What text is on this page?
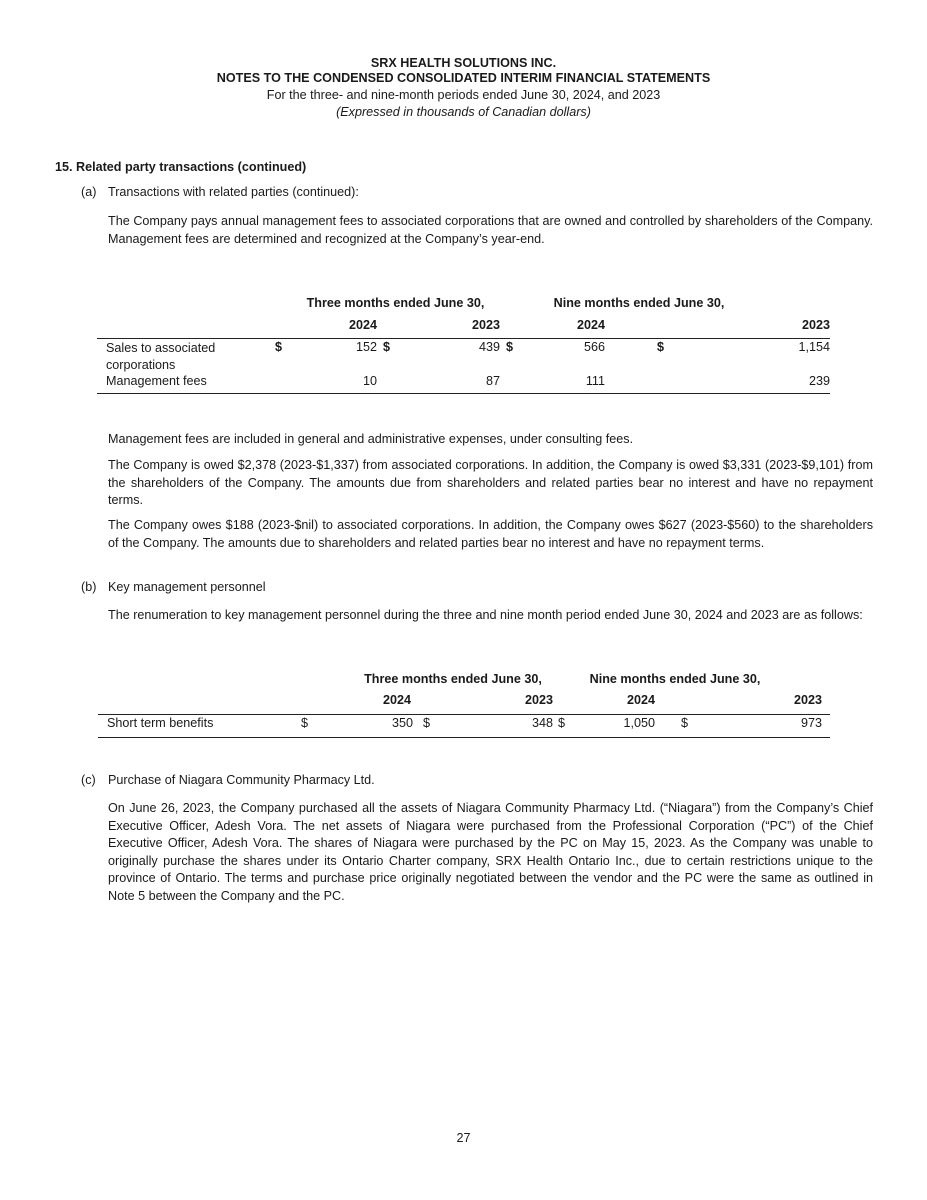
SRX HEALTH SOLUTIONS INC.
NOTES TO THE CONDENSED CONSOLIDATED INTERIM FINANCIAL STATEMENTS
For the three- and nine-month periods ended June 30, 2024, and 2023
(Expressed in thousands of Canadian dollars)
15. Related party transactions (continued)
(a) Transactions with related parties (continued):
The Company pays annual management fees to associated corporations that are owned and controlled by shareholders of the Company. Management fees are determined and recognized at the Company’s year-end.
	Three months ended June 30,					Nine months ended June 30,		
		2024		2023		2024		2023
Sales to associated corporations	$	152	$	439	$	566	$	1,154
Management fees		10		87		111		239
Management fees are included in general and administrative expenses, under consulting fees.
The Company is owed $2,378 (2023-$1,337) from associated corporations. In addition, the Company is owed $3,331 (2023-$9,101) from the shareholders of the Company. The amounts due from shareholders and related parties bear no interest and have no repayment terms.
The Company owes $188 (2023-$nil) to associated corporations. In addition, the Company owes $627 (2023-$560) to the shareholders of the Company. The amounts due to shareholders and related parties bear no interest and have no repayment terms.
(b) Key management personnel
The renumeration to key management personnel during the three and nine month period ended June 30, 2024 and 2023 are as follows:
	Three months ended June 30,					Nine months ended June 30,		
		2024		2023		2024		2023
Short term benefits	$	350	$	348	$	1,050	$	973
(c) Purchase of Niagara Community Pharmacy Ltd.
On June 26, 2023, the Company purchased all the assets of Niagara Community Pharmacy Ltd. (“Niagara”) from the Company’s Chief Executive Officer, Adesh Vora. The net assets of Niagara were purchased from the Professional Corporation (“PC”) of the Chief Executive Officer, Adesh Vora. The shares of Niagara were purchased by the PC on May 15, 2023. As the Company was unable to originally purchase the shares under its Ontario Charter company, SRX Health Ontario Inc., due to certain restrictions unique to the province of Ontario. The terms and purchase price originally negotiated between the vendor and the PC were the same as outlined in Note 5 between the Company and the PC.
27
